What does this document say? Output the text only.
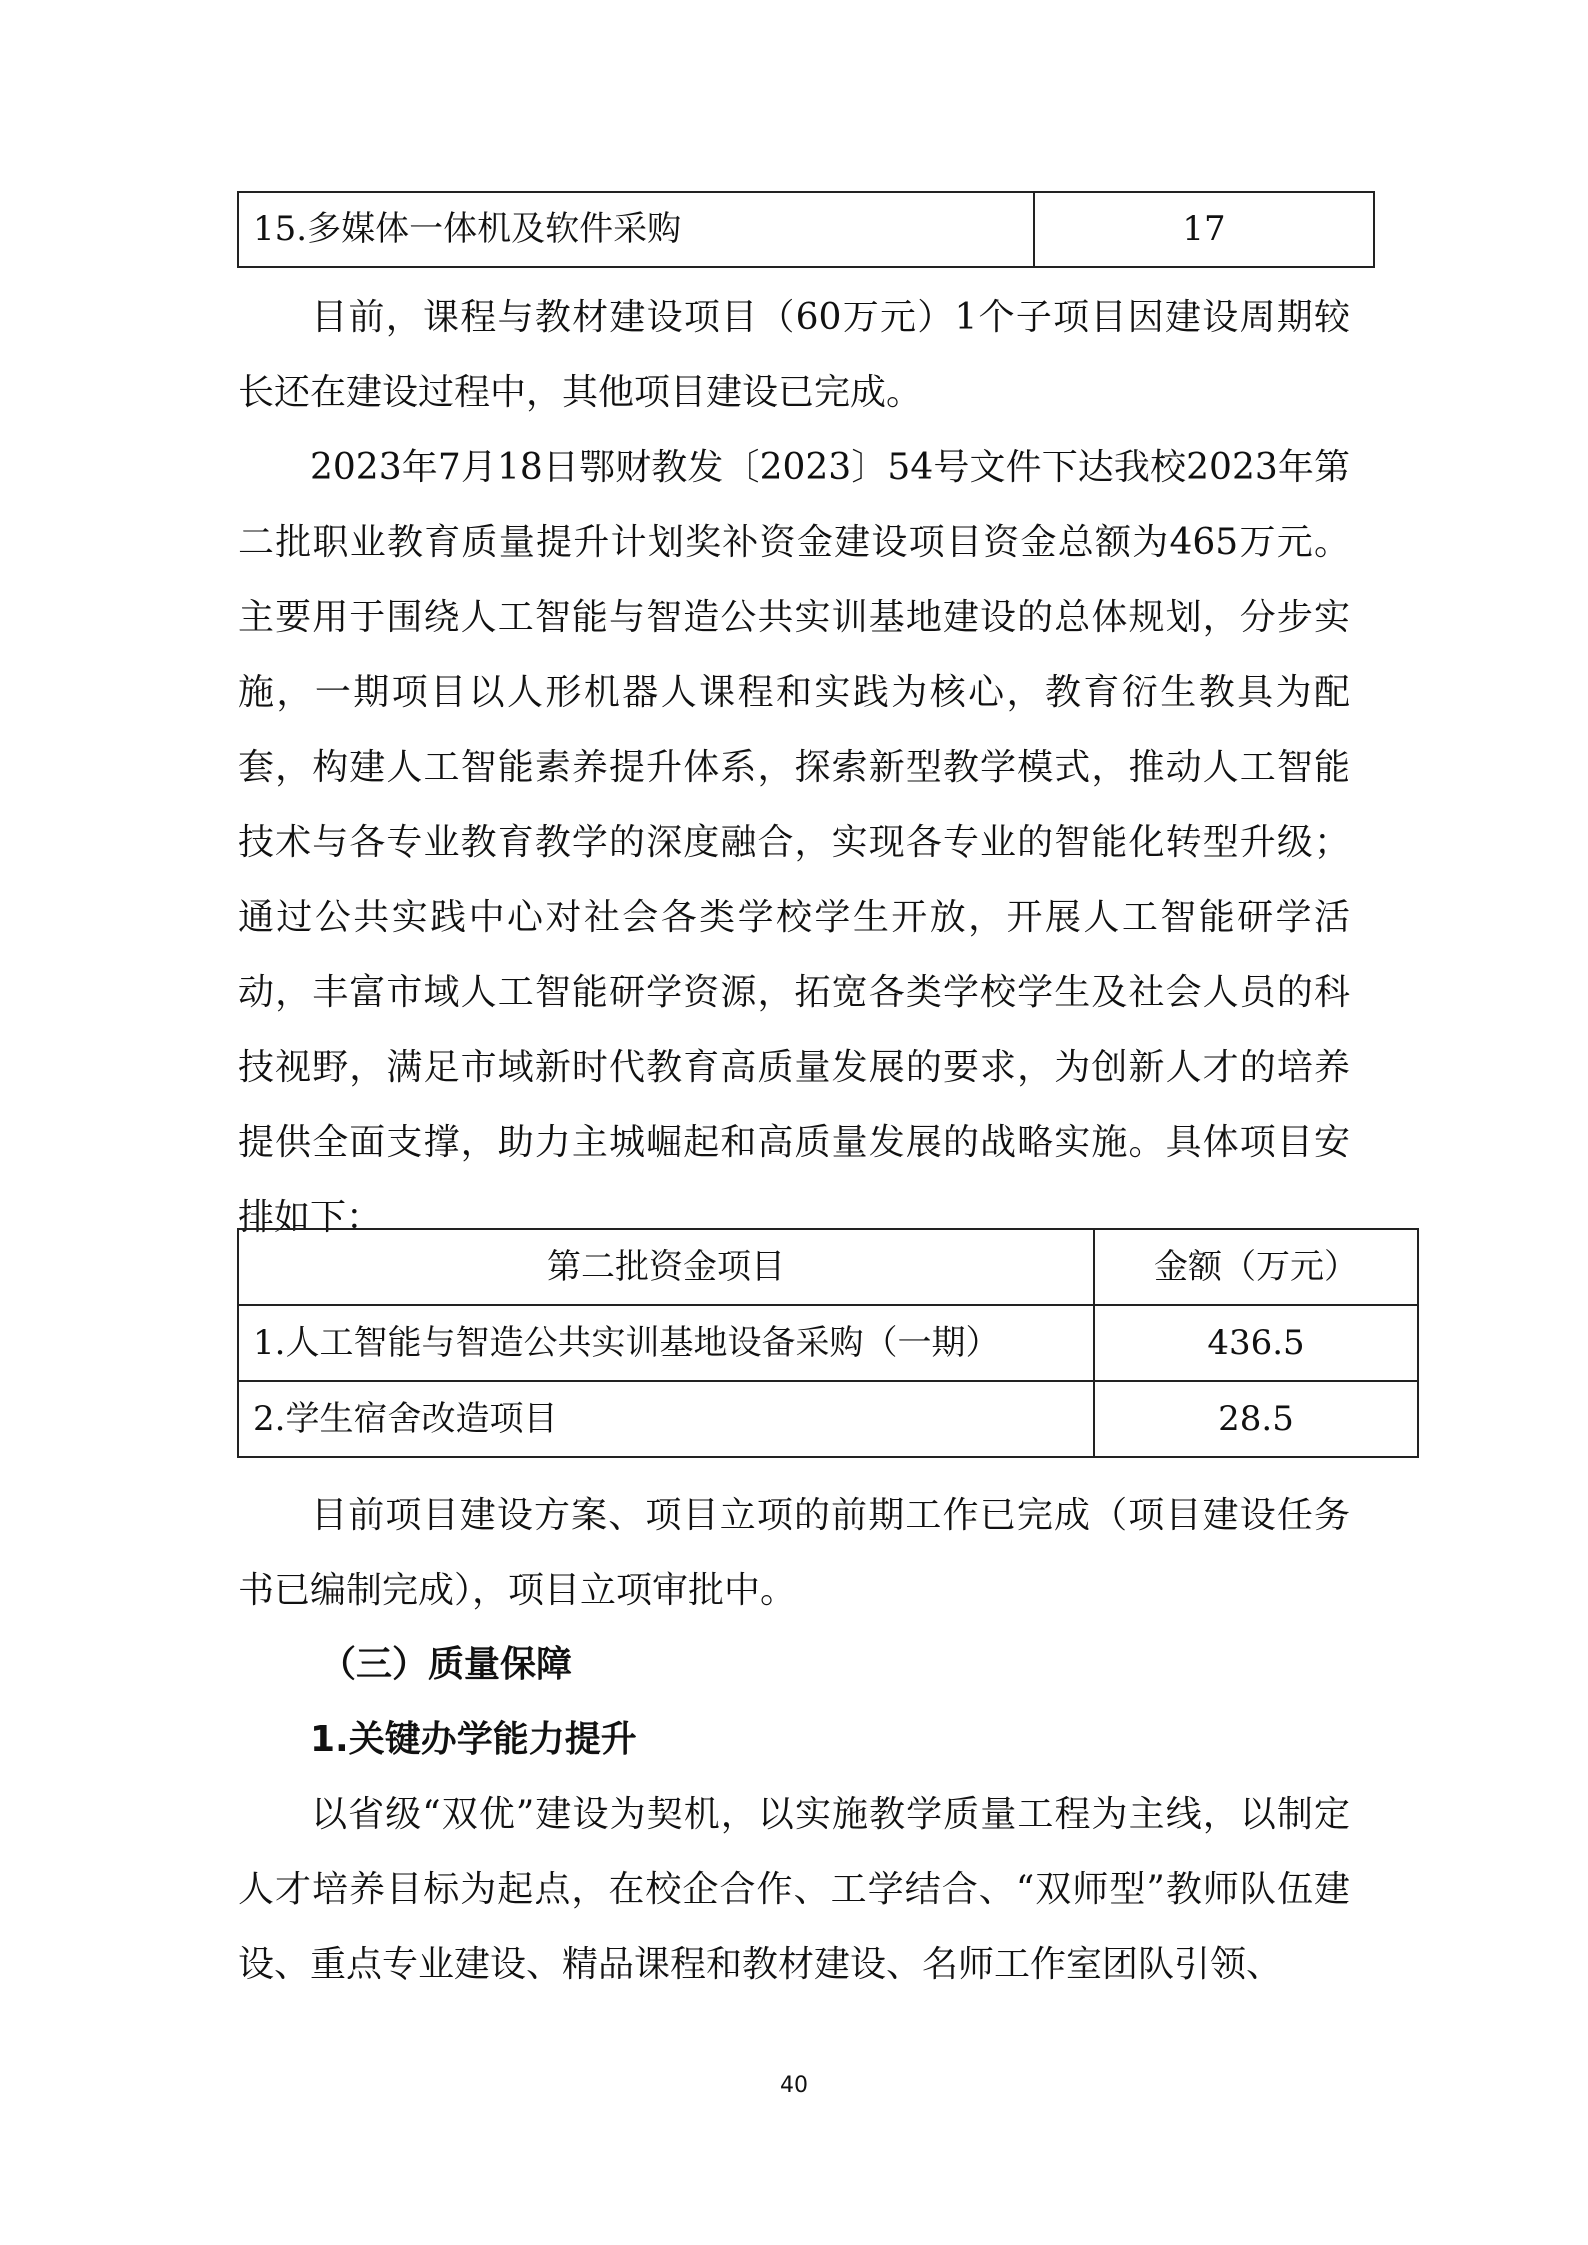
15.多媒体一体机及软件采购	17
目前，课程与教材建设项目（60万元）1个子项目因建设周期较长还在建设过程中，其他项目建设已完成。
2023年7月18日鄂财教发〔2023〕54号文件下达我校2023年第二批职业教育质量提升计划奖补资金建设项目资金总额为465万元。主要用于围绕人工智能与智造公共实训基地建设的总体规划，分步实施，一期项目以人形机器人课程和实践为核心，教育衍生教具为配套，构建人工智能素养提升体系，探索新型教学模式，推动人工智能技术与各专业教育教学的深度融合，实现各专业的智能化转型升级；通过公共实践中心对社会各类学校学生开放，开展人工智能研学活动，丰富市域人工智能研学资源，拓宽各类学校学生及社会人员的科技视野，满足市域新时代教育高质量发展的要求，为创新人才的培养提供全面支撑，助力主城崛起和高质量发展的战略实施。具体项目安排如下：
第二批资金项目	金额（万元）
1.人工智能与智造公共实训基地设备采购（一期）	436.5
2.学生宿舍改造项目	28.5
目前项目建设方案、项目立项的前期工作已完成（项目建设任务书已编制完成），项目立项审批中。
（三）质量保障
1.关键办学能力提升
以省级“双优”建设为契机，以实施教学质量工程为主线，以制定人才培养目标为起点，在校企合作、工学结合、“双师型”教师队伍建设、重点专业建设、精品课程和教材建设、名师工作室团队引领、
40
